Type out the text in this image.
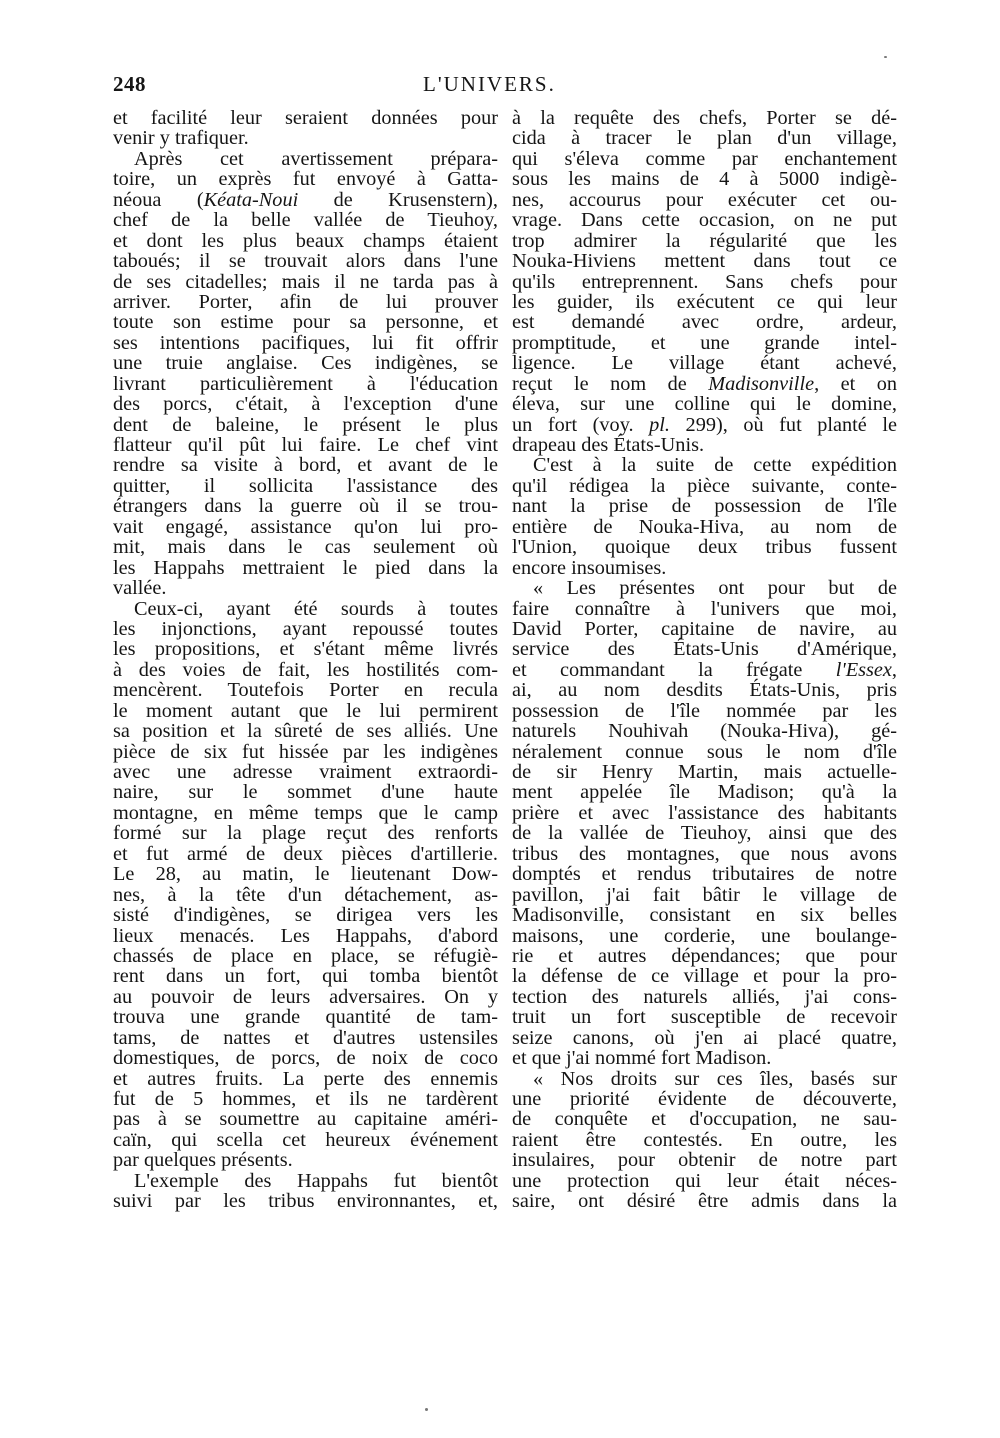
248	L'UNIVERS.
et facilité leur seraient données pour
venir y trafiquer.
Après cet avertissement prépara-
toire, un exprès fut envoyé à Gatta-
néoua (Kéata-Noui de Krusenstern),
chef de la belle vallée de Tieuhoy,
et dont les plus beaux champs étaient
taboués; il se trouvait alors dans l'une
de ses citadelles; mais il ne tarda pas à
arriver. Porter, afin de lui prouver
toute son estime pour sa personne, et
ses intentions pacifiques, lui fit offrir
une truie anglaise. Ces indigènes, se
livrant particulièrement à l'éducation
des porcs, c'était, à l'exception d'une
dent de baleine, le présent le plus
flatteur qu'il pût lui faire. Le chef vint
rendre sa visite à bord, et avant de le
quitter, il sollicita l'assistance des
étrangers dans la guerre où il se trou-
vait engagé, assistance qu'on lui pro-
mit, mais dans le cas seulement où
les Happahs mettraient le pied dans la
vallée.
Ceux-ci, ayant été sourds à toutes
les injonctions, ayant repoussé toutes
les propositions, et s'étant même livrés
à des voies de fait, les hostilités com-
mencèrent. Toutefois Porter en recula
le moment autant que le lui permirent
sa position et la sûreté de ses alliés. Une
pièce de six fut hissée par les indigènes
avec une adresse vraiment extraordi-
naire, sur le sommet d'une haute
montagne, en même temps que le camp
formé sur la plage reçut des renforts
et fut armé de deux pièces d'artillerie.
Le 28, au matin, le lieutenant Dow-
nes, à la tête d'un détachement, as-
sisté d'indigènes, se dirigea vers les
lieux menacés. Les Happahs, d'abord
chassés de place en place, se réfugiè-
rent dans un fort, qui tomba bientôt
au pouvoir de leurs adversaires. On y
trouva une grande quantité de tam-
tams, de nattes et d'autres ustensiles
domestiques, de porcs, de noix de coco
et autres fruits. La perte des ennemis
fut de 5 hommes, et ils ne tardèrent
pas à se soumettre au capitaine améri-
caïn, qui scella cet heureux événement
par quelques présents.
L'exemple des Happahs fut bientôt
suivi par les tribus environnantes, et,
à la requête des chefs, Porter se dé-
cida à tracer le plan d'un village,
qui s'éleva comme par enchantement
sous les mains de 4 à 5000 indigè-
nes, accourus pour exécuter cet ou-
vrage. Dans cette occasion, on ne put
trop admirer la régularité que les
Nouka-Hiviens mettent dans tout ce
qu'ils entreprennent. Sans chefs pour
les guider, ils exécutent ce qui leur
est demandé avec ordre, ardeur,
promptitude, et une grande intel-
ligence. Le village étant achevé,
reçut le nom de Madisonville, et on
éleva, sur une colline qui le domine,
un fort (voy. pl. 299), où fut planté le
drapeau des États-Unis.
C'est à la suite de cette expédition
qu'il rédigea la pièce suivante, conte-
nant la prise de possession de l'île
entière de Nouka-Hiva, au nom de
l'Union, quoique deux tribus fussent
encore insoumises.
« Les présentes ont pour but de
faire connaître à l'univers que moi,
David Porter, capitaine de navire, au
service des États-Unis d'Amérique,
et commandant la frégate l'Essex,
ai, au nom desdits États-Unis, pris
possession de l'île nommée par les
naturels Nouhivah (Nouka-Hiva), gé-
néralement connue sous le nom d'île
de sir Henry Martin, mais actuelle-
ment appelée île Madison; qu'à la
prière et avec l'assistance des habitants
de la vallée de Tieuhoy, ainsi que des
tribus des montagnes, que nous avons
domptés et rendus tributaires de notre
pavillon, j'ai fait bâtir le village de
Madisonville, consistant en six belles
maisons, une corderie, une boulange-
rie et autres dépendances; que pour
la défense de ce village et pour la pro-
tection des naturels alliés, j'ai cons-
truit un fort susceptible de recevoir
seize canons, où j'en ai placé quatre,
et que j'ai nommé fort Madison.
« Nos droits sur ces îles, basés sur
une priorité évidente de découverte,
de conquête et d'occupation, ne sau-
raient être contestés. En outre, les
insulaires, pour obtenir de notre part
une protection qui leur était néces-
saire, ont désiré être admis dans la
